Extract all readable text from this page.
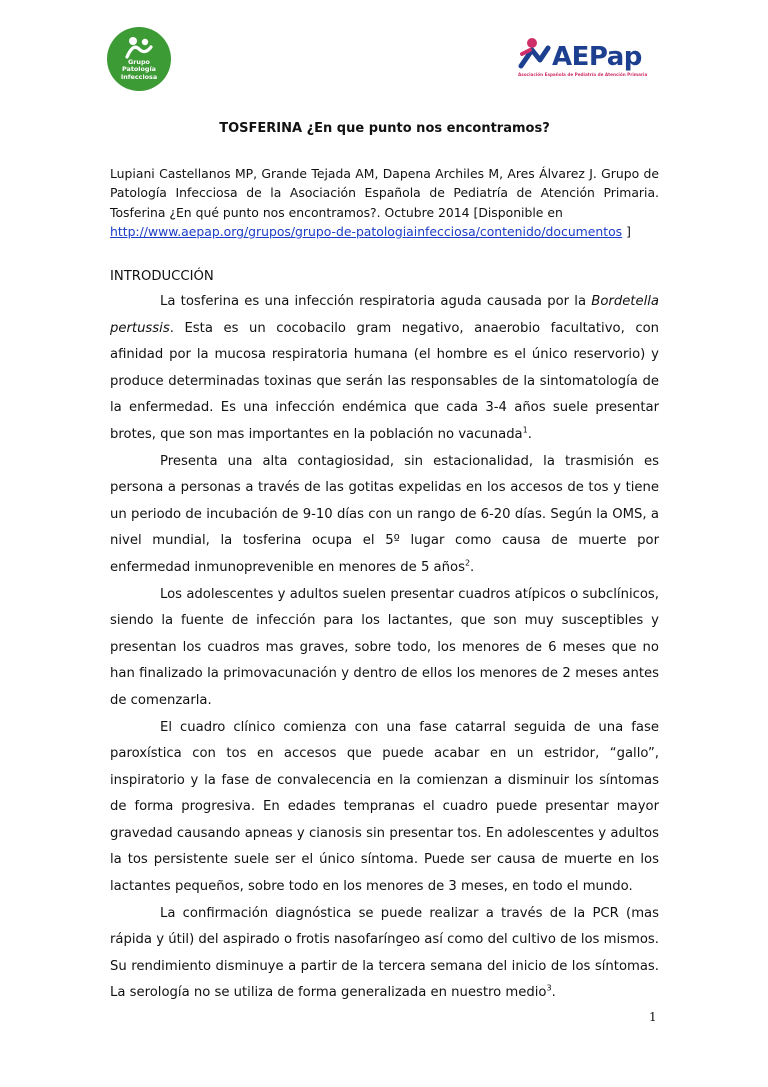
Grupo
Patología
Infecciosa
AEPap
Asociación Española de Pediatría de Atención Primaria
TOSFERINA ¿En que punto nos encontramos?
Lupiani Castellanos MP, Grande Tejada AM, Dapena Archiles M, Ares Álvarez J. Grupo de Patología Infecciosa de la Asociación Española de Pediatría de Atención Primaria. Tosferina ¿En qué punto nos encontramos?. Octubre 2014 [Disponible en
http://www.aepap.org/grupos/grupo-de-patologiainfecciosa/contenido/documentos ]
INTRODUCCIÓN

La tosferina es una infección respiratoria aguda causada por la Bordetella pertussis. Esta es un cocobacilo gram negativo, anaerobio facultativo, con afinidad por la mucosa respiratoria humana (el hombre es el único reservorio) y produce determinadas toxinas que serán las responsables de la sintomatología de la enfermedad. Es una infección endémica que cada 3-4 años suele presentar brotes, que son mas importantes en la población no vacunada$^1$.

Presenta una alta contagiosidad, sin estacionalidad, la trasmisión es persona a personas a través de las gotitas expelidas en los accesos de tos y tiene un periodo de incubación de 9-10 días con un rango de 6-20 días. Según la OMS, a nivel mundial, la tosferina ocupa el 5º lugar como causa de muerte por enfermedad inmunoprevenible en menores de 5 años$^2$.

Los adolescentes y adultos suelen presentar cuadros atípicos o subclínicos, siendo la fuente de infección para los lactantes, que son muy susceptibles y presentan los cuadros mas graves, sobre todo, los menores de 6 meses que no han finalizado la primovacunación y dentro de ellos los menores de 2 meses antes de comenzarla.

El cuadro clínico comienza con una fase catarral seguida de una fase paroxística con tos en accesos que puede acabar en un estridor, “gallo”, inspiratorio y la fase de convalecencia en la comienzan a disminuir los síntomas de forma progresiva. En edades tempranas el cuadro puede presentar mayor gravedad causando apneas y cianosis sin presentar tos. En adolescentes y adultos la tos persistente suele ser el único síntoma. Puede ser causa de muerte en los lactantes pequeños, sobre todo en los menores de 3 meses, en todo el mundo.

La confirmación diagnóstica se puede realizar a través de la PCR (mas rápida y útil) del aspirado o frotis nasofaríngeo así como del cultivo de los mismos. Su rendimiento disminuye a partir de la tercera semana del inicio de los síntomas. La serología no se utiliza de forma generalizada en nuestro medio$^3$.

1
